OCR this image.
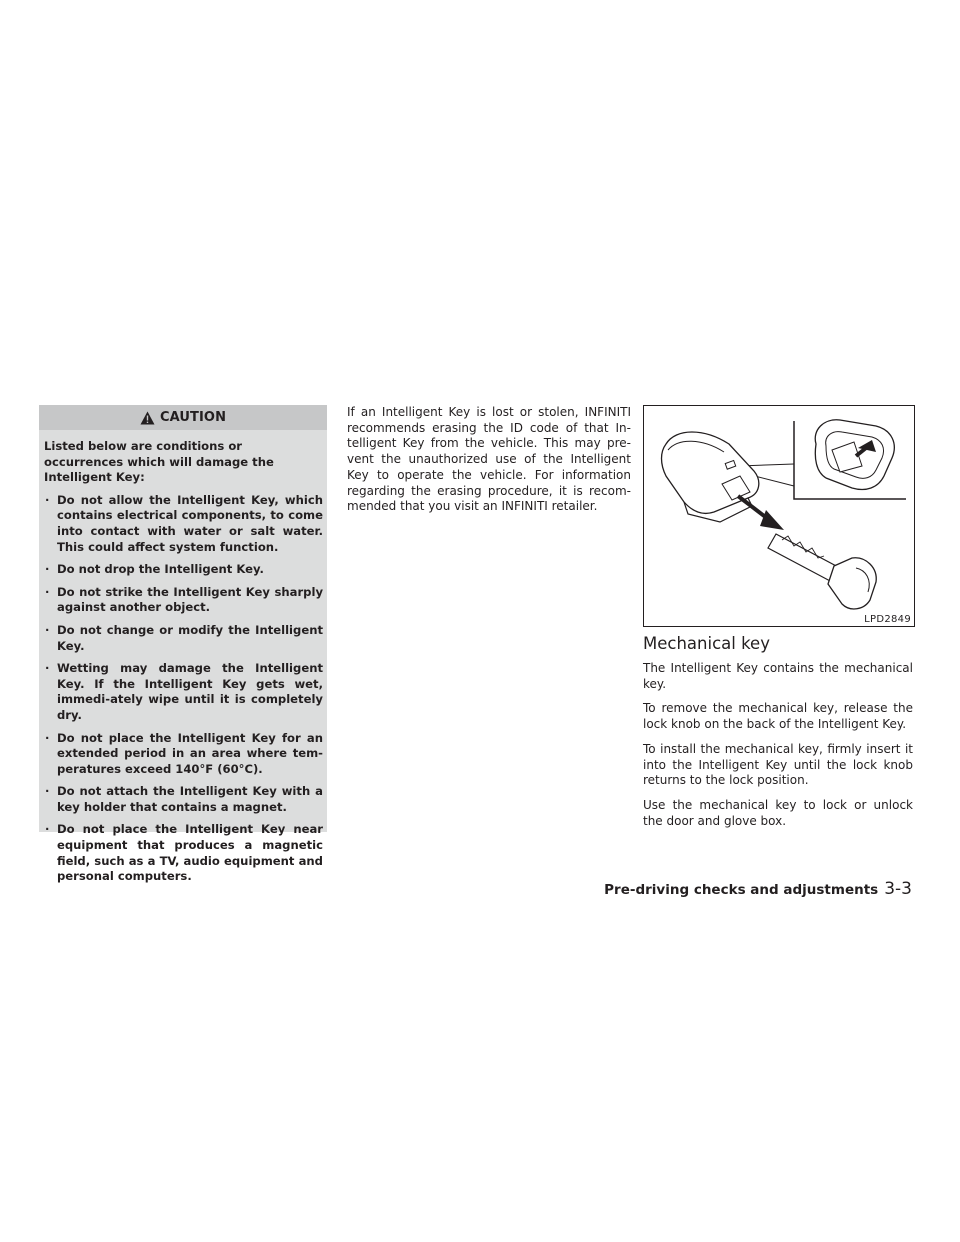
CAUTION

Listed below are conditions or occurrences which will damage the Intelligent Key:

· Do not allow the Intelligent Key, which contains electrical components, to come into contact with water or salt water. This could affect system function.
· Do not drop the Intelligent Key.
· Do not strike the Intelligent Key sharply against another object.
· Do not change or modify the Intelligent Key.
· Wetting may damage the Intelligent Key. If the Intelligent Key gets wet, immedi-ately wipe until it is completely dry.
· Do not place the Intelligent Key for an extended period in an area where tem-peratures exceed 140°F (60°C).
· Do not attach the Intelligent Key with a key holder that contains a magnet.
· Do not place the Intelligent Key near equipment that produces a magnetic field, such as a TV, audio equipment and personal computers.

If an Intelligent Key is lost or stolen, INFINITI recommends erasing the ID code of that In-telligent Key from the vehicle. This may pre-vent the unauthorized use of the Intelligent Key to operate the vehicle. For information regarding the erasing procedure, it is recom-mended that you visit an INFINITI retailer.

LPD2849
Mechanical key

The Intelligent Key contains the mechanical key.

To remove the mechanical key, release the lock knob on the back of the Intelligent Key.

To install the mechanical key, firmly insert it into the Intelligent Key until the lock knob returns to the lock position.

Use the mechanical key to lock or unlock the door and glove box.

Pre-driving checks and adjustments 3-3
